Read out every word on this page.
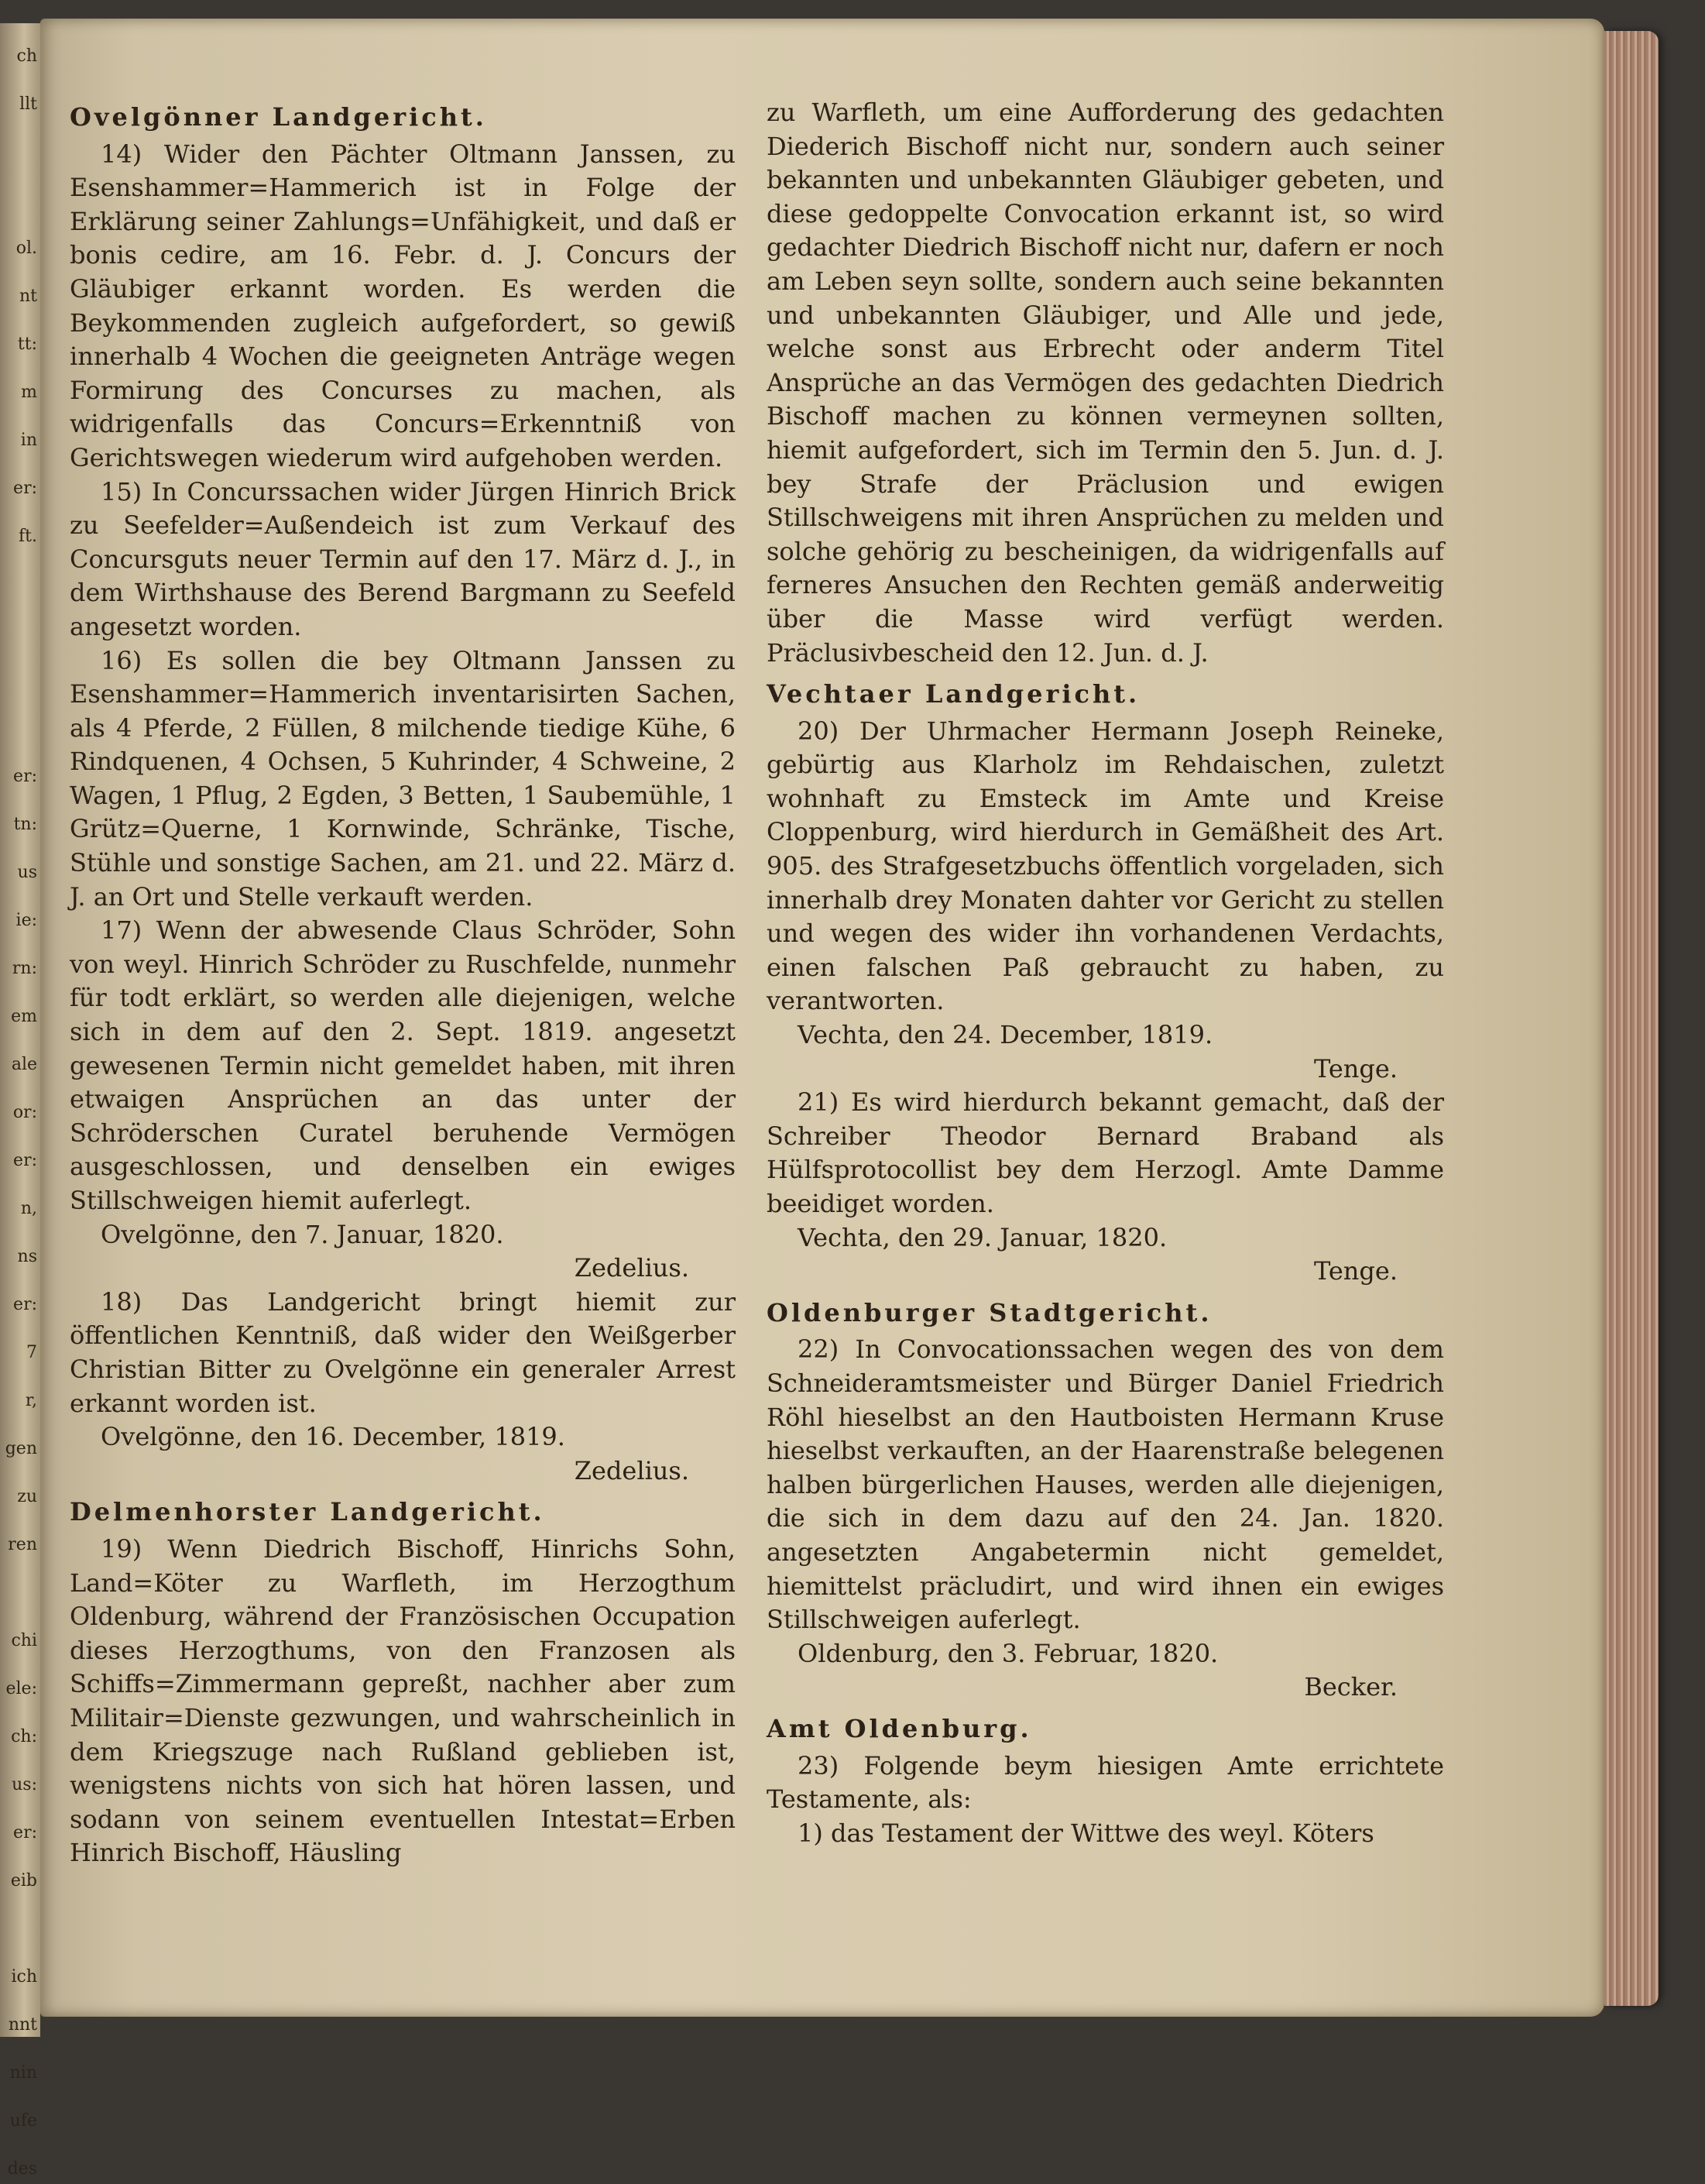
ch
llt
ol.
nt
tt:
m
in
er:
ft.
er:
tn:
us
ie:
rn:
em
ale
or:
er:
n,
ns
er:
7
r,
gen
zu
ren
chi
ele:
ch:
us:
er:
eib
ich
nnt
nin
ufe
des

Ovelgönner Landgericht.

14) Wider den Pächter Oltmann Janssen, zu Esenshammer=Hammerich ist in Folge der Erklärung seiner Zahlungs=Unfähigkeit, und daß er bonis cedire, am 16. Febr. d. J. Concurs der Gläubiger erkannt worden. Es werden die Beykommenden zugleich aufgefordert, so gewiß innerhalb 4 Wochen die geeigneten Anträge wegen Formirung des Concurses zu machen, als widrigenfalls das Concurs=Erkenntniß von Gerichtswegen wiederum wird aufgehoben werden.

15) In Concurssachen wider Jürgen Hinrich Brick zu Seefelder=Außendeich ist zum Verkauf des Concursguts neuer Termin auf den 17. März d. J., in dem Wirthshause des Berend Bargmann zu Seefeld angesetzt worden.

16) Es sollen die bey Oltmann Janssen zu Esenshammer=Hammerich inventarisirten Sachen, als 4 Pferde, 2 Füllen, 8 milchende tiedige Kühe, 6 Rindquenen, 4 Ochsen, 5 Kuhrinder, 4 Schweine, 2 Wagen, 1 Pflug, 2 Egden, 3 Betten, 1 Saubemühle, 1 Grütz=Querne, 1 Kornwinde, Schränke, Tische, Stühle und sonstige Sachen, am 21. und 22. März d. J. an Ort und Stelle verkauft werden.

17) Wenn der abwesende Claus Schröder, Sohn von weyl. Hinrich Schröder zu Ruschfelde, nunmehr für todt erklärt, so werden alle diejenigen, welche sich in dem auf den 2. Sept. 1819. angesetzt gewesenen Termin nicht gemeldet haben, mit ihren etwaigen Ansprüchen an das unter der Schröderschen Curatel beruhende Vermögen ausgeschlossen, und denselben ein ewiges Stillschweigen hiemit auferlegt.

Ovelgönne, den 7. Januar, 1820.

Zedelius.

18) Das Landgericht bringt hiemit zur öffentlichen Kenntniß, daß wider den Weißgerber Christian Bitter zu Ovelgönne ein generaler Arrest erkannt worden ist.

Ovelgönne, den 16. December, 1819.

Zedelius.

Delmenhorster Landgericht.

19) Wenn Diedrich Bischoff, Hinrichs Sohn, Land=Köter zu Warfleth, im Herzogthum Oldenburg, während der Französischen Occupation dieses Herzogthums, von den Franzosen als Schiffs=Zimmermann gepreßt, nachher aber zum Militair=Dienste gezwungen, und wahrscheinlich in dem Kriegszuge nach Rußland geblieben ist, wenigstens nichts von sich hat hören lassen, und sodann von seinem eventuellen Intestat=Erben Hinrich Bischoff, Häusling

zu Warfleth, um eine Aufforderung des gedachten Diederich Bischoff nicht nur, sondern auch seiner bekannten und unbekannten Gläubiger gebeten, und diese gedoppelte Convocation erkannt ist, so wird gedachter Diedrich Bischoff nicht nur, dafern er noch am Leben seyn sollte, sondern auch seine bekannten und unbekannten Gläubiger, und Alle und jede, welche sonst aus Erbrecht oder anderm Titel Ansprüche an das Vermögen des gedachten Diedrich Bischoff machen zu können vermeynen sollten, hiemit aufgefordert, sich im Termin den 5. Jun. d. J. bey Strafe der Präclusion und ewigen Stillschweigens mit ihren Ansprüchen zu melden und solche gehörig zu bescheinigen, da widrigenfalls auf ferneres Ansuchen den Rechten gemäß anderweitig über die Masse wird verfügt werden. Präclusivbescheid den 12. Jun. d. J.

Vechtaer Landgericht.

20) Der Uhrmacher Hermann Joseph Reineke, gebürtig aus Klarholz im Rehdaischen, zuletzt wohnhaft zu Emsteck im Amte und Kreise Cloppenburg, wird hierdurch in Gemäßheit des Art. 905. des Strafgesetzbuchs öffentlich vorgeladen, sich innerhalb drey Monaten dahter vor Gericht zu stellen und wegen des wider ihn vorhandenen Verdachts, einen falschen Paß gebraucht zu haben, zu verantworten.

Vechta, den 24. December, 1819.

Tenge.

21) Es wird hierdurch bekannt gemacht, daß der Schreiber Theodor Bernard Braband als Hülfsprotocollist bey dem Herzogl. Amte Damme beeidiget worden.

Vechta, den 29. Januar, 1820.

Tenge.

Oldenburger Stadtgericht.

22) In Convocationssachen wegen des von dem Schneideramtsmeister und Bürger Daniel Friedrich Röhl hieselbst an den Hautboisten Hermann Kruse hieselbst verkauften, an der Haarenstraße belegenen halben bürgerlichen Hauses, werden alle diejenigen, die sich in dem dazu auf den 24. Jan. 1820. angesetzten Angabetermin nicht gemeldet, hiemittelst präcludirt, und wird ihnen ein ewiges Stillschweigen auferlegt.

Oldenburg, den 3. Februar, 1820.

Becker.

Amt Oldenburg.

23) Folgende beym hiesigen Amte errichtete Testamente, als:

1) das Testament der Wittwe des weyl. Köters
